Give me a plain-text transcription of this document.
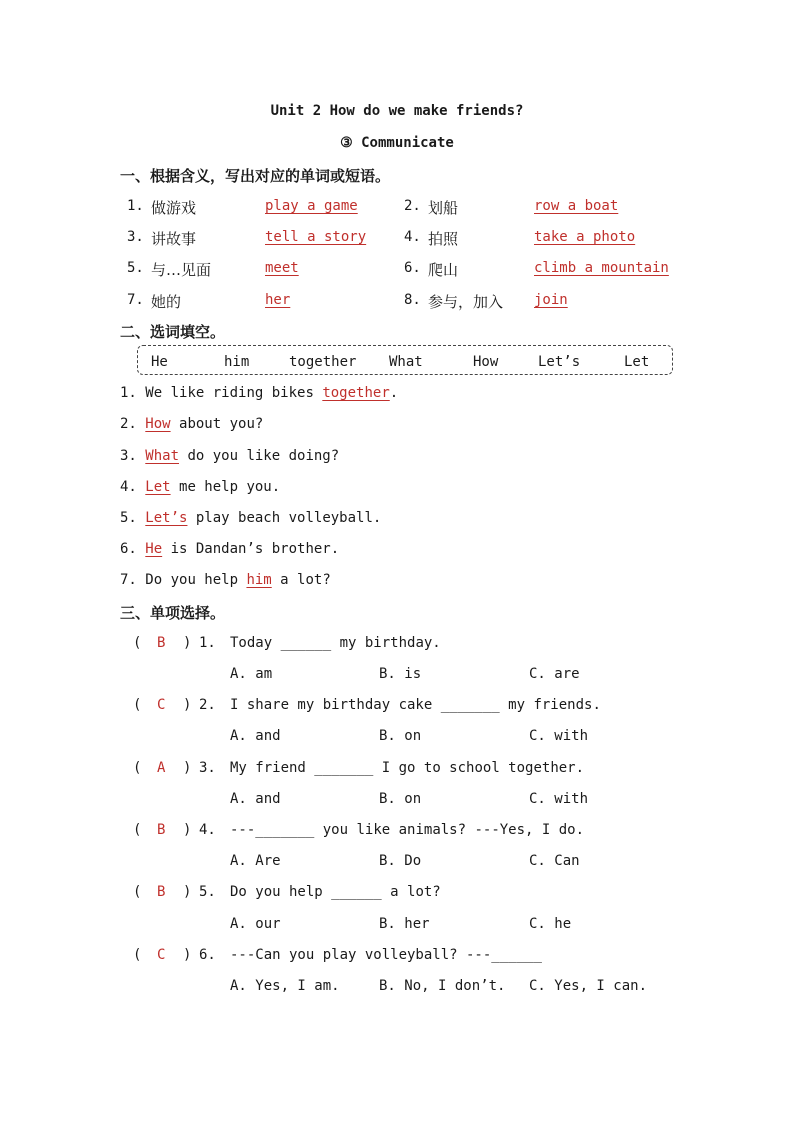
Unit 2 How do we make friends?
③ Communicate
一、根据含义，写出对应的单词或短语。
1. 做游戏	play a game	2. 划船	row a boat
3. 讲故事	tell a story	4. 拍照	take a photo
5. 与…见面	meet	6. 爬山	climb a mountain
7. 她的	her	8. 参与，加入 join
二、选词填空。
He	him	together What	How	Let’s	Let
1. We like riding bikes together.
2. How about you?
3. What do you like doing?
4. Let me help you.
5. Let’s play beach volleyball.
6. He is Dandan’s brother.
7. Do you help him a lot?
三、单项选择。
( B ) 1. Today ______ my birthday.
A. am	B. is	C. are
( C ) 2. I share my birthday cake _______ my friends.
A. and	B. on	C. with
( A ) 3. My friend _______ I go to school together.
A. and	B. on	C. with
( B ) 4. ---_______ you like animals? ---Yes, I do.
A. Are	B. Do	C. Can
( B ) 5. Do you help ______ a lot?
A. our	B. her	C. he
( C ) 6. ---Can you play volleyball? ---______
A. Yes, I am.	B. No, I don’t. C. Yes, I can.
